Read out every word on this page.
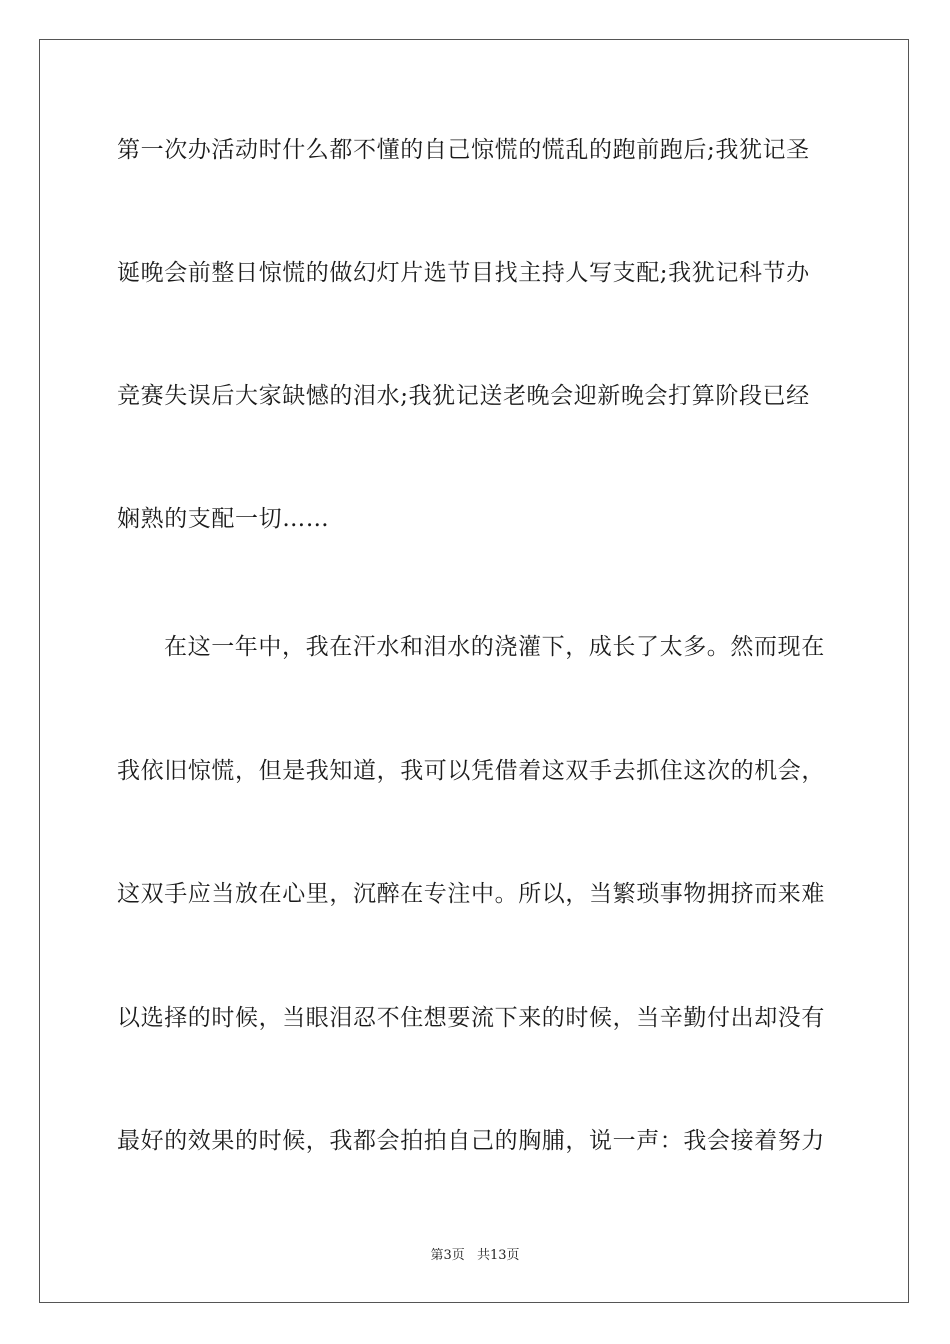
第一次办活动时什么都不懂的自己惊慌的慌乱的跑前跑后;我犹记圣
诞晚会前整日惊慌的做幻灯片选节目找主持人写支配;我犹记科节办
竞赛失误后大家缺憾的泪水;我犹记送老晚会迎新晚会打算阶段已经
娴熟的支配一切……
在这一年中，我在汗水和泪水的浇灌下，成长了太多。然而现在
我依旧惊慌，但是我知道，我可以凭借着这双手去抓住这次的机会，
这双手应当放在心里，沉醉在专注中。所以，当繁琐事物拥挤而来难
以选择的时候，当眼泪忍不住想要流下来的时候，当辛勤付出却没有
最好的效果的时候，我都会拍拍自己的胸脯，说一声：我会接着努力
第3页 共13页
